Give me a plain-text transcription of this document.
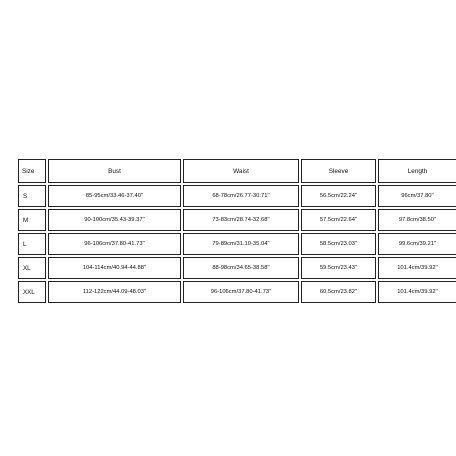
Size	Bust	Waist	Sleeve	Length
S	85-95cm/33.46-37.40''	68-78cm/26.77-30.71''	56.5cm/22.24''	96cm/37.80''
M	90-100cm/35.43-39.37''	73-83cm/28.74-32.68''	57.5cm/22.64''	97.8cm/38.50''
L	96-106cm/37.80-41.73''	79-89cm/31.10-35.04''	58.5cm/23.03''	99.6cm/39.21''
XL	104-114cm/40.94-44.88''	88-98cm/34.65-38.58''	59.5cm/23.43''	101.4cm/39.92''
XXL	112-122cm/44.09-48.03''	96-106cm/37.80-41.73''	60.5cm/23.82''	101.4cm/39.92''
